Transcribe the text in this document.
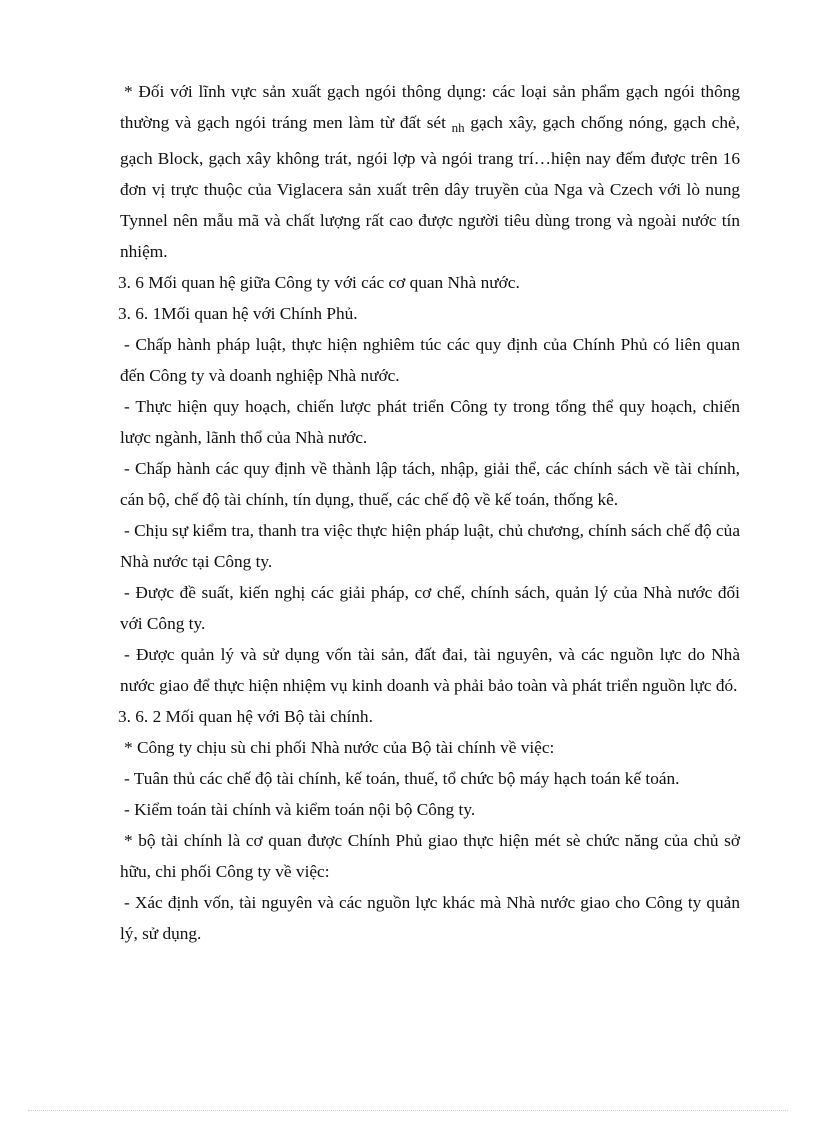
* Đối với lĩnh vực sản xuất gạch ngói thông dụng: các loại sản phẩm gạch ngói thông thường và gạch ngói tráng men làm từ đất sét $_{nh}$ gạch xây, gạch chống nóng, gạch chẻ, gạch Block, gạch xây không trát, ngói lợp và ngói trang trí…hiện nay đếm được trên 16 đơn vị trực thuộc của Viglacera sản xuất trên dây truyền của Nga và Czech với lò nung Tynnel nên mẫu mã và chất lượng rất cao được người tiêu dùng trong và ngoài nước tín nhiệm.

3. 6 Mối quan hệ giữa Công ty với các cơ quan Nhà nước.

3. 6. 1Mối quan hệ với Chính Phủ.

- Chấp hành pháp luật, thực hiện nghiêm túc các quy định của Chính Phủ có liên quan đến Công ty và doanh nghiệp Nhà nước.

- Thực hiện quy hoạch, chiến lược phát triển Công ty trong tổng thể quy hoạch, chiến lược ngành, lãnh thổ của Nhà nước.

- Chấp hành các quy định về thành lập tách, nhập, giải thể, các chính sách về tài chính, cán bộ, chế độ tài chính, tín dụng, thuế, các chế độ về kế toán, thống kê.

- Chịu sự kiểm tra, thanh tra việc thực hiện pháp luật, chủ chương, chính sách chế độ của Nhà nước tại Công ty.

- Được đề suất, kiến nghị các giải pháp, cơ chế, chính sách, quản lý của Nhà nước đối với Công ty.

- Được quản lý và sử dụng vốn tài sản, đất đai, tài nguyên, và các nguồn lực do Nhà nước giao để thực hiện nhiệm vụ kinh doanh và phải bảo toàn và phát triển nguồn lực đó.

3. 6. 2 Mối quan hệ với Bộ tài chính.

* Công ty chịu sù chi phối Nhà nước của Bộ tài chính về việc:

- Tuân thủ các chế độ tài chính, kế toán, thuế, tổ chức bộ máy hạch toán kế toán.

- Kiểm toán tài chính và kiểm toán nội bộ Công ty.

* bộ tài chính là cơ quan được Chính Phủ giao thực hiện mét sè chức năng của chủ sở hữu, chi phối Công ty về việc:

- Xác định vốn, tài nguyên và các nguồn lực khác mà Nhà nước giao cho Công ty quản lý, sử dụng.
